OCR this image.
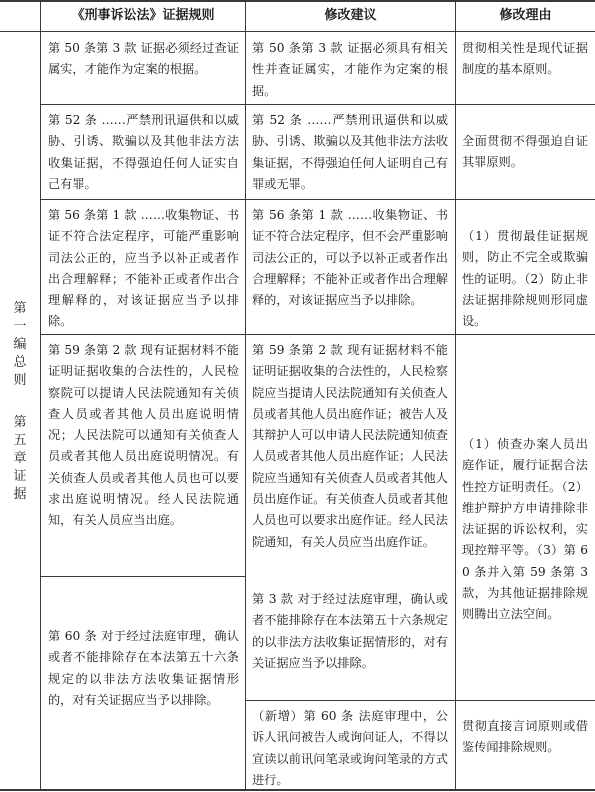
《刑事诉讼法》证据规则	修改建议	修改理由
第
一
编
总
则
第
五
章
证
据
第 50 条第 3 款 证据必须经过查证属实，才能作为定案的根据。
第 50 条第 3 款 证据必须具有相关性并查证属实，才能作为定案的根据。
贯彻相关性是现代证据制度的基本原则。
第 52 条 ……严禁刑讯逼供和以威胁、引诱、欺骗以及其他非法方法收集证据，不得强迫任何人证实自己有罪。
第 52 条 ……严禁刑讯逼供和以威胁、引诱、欺骗以及其他非法方法收集证据，不得强迫任何人证明自己有罪或无罪。
全面贯彻不得强迫自证其罪原则。
第 56 条第 1 款 ……收集物证、书证不符合法定程序，可能严重影响司法公正的，应当予以补正或者作出合理解释；不能补正或者作出合理解释的，对该证据应当予以排除。
第 56 条第 1 款 ……收集物证、书证不符合法定程序，但不会严重影响司法公正的，可以予以补正或者作出合理解释；不能补正或者作出合理解释的，对该证据应当予以排除。
（1）贯彻最佳证据规则，防止不完全或欺骗性的证明。（2）防止非法证据排除规则形同虚设。
第 59 条第 2 款 现有证据材料不能证明证据收集的合法性的，人民检察院可以提请人民法院通知有关侦查人员或者其他人员出庭说明情况；人民法院可以通知有关侦查人员或者其他人员出庭说明情况。有关侦查人员或者其他人员也可以要求出庭说明情况。经人民法院通知，有关人员应当出庭。
第 59 条第 2 款 现有证据材料不能证明证据收集的合法性的，人民检察院应当提请人民法院通知有关侦查人员或者其他人员出庭作证；被告人及其辩护人可以申请人民法院通知侦查人员或者其他人员出庭作证；人民法院应当通知有关侦查人员或者其他人员出庭作证。有关侦查人员或者其他人员也可以要求出庭作证。经人民法院通知，有关人员应当出庭作证。
第 3 款 对于经过法庭审理，确认或者不能排除存在本法第五十六条规定的以非法方法收集证据情形的，对有关证据应当予以排除。
（1）侦查办案人员出庭作证，履行证据合法性控方证明责任。（2）维护辩护方申请排除非法证据的诉讼权利，实现控辩平等。（3）第 60 条并入第 59 条第 3 款，为其他证据排除规则腾出立法空间。
第 60 条 对于经过法庭审理，确认或者不能排除存在本法第五十六条规定的以非法方法收集证据情形的，对有关证据应当予以排除。
（新增）第 60 条 法庭审理中，公诉人讯问被告人或询问证人，不得以宣读以前讯问笔录或询问笔录的方式进行。
贯彻直接言词原则或借鉴传闻排除规则。
